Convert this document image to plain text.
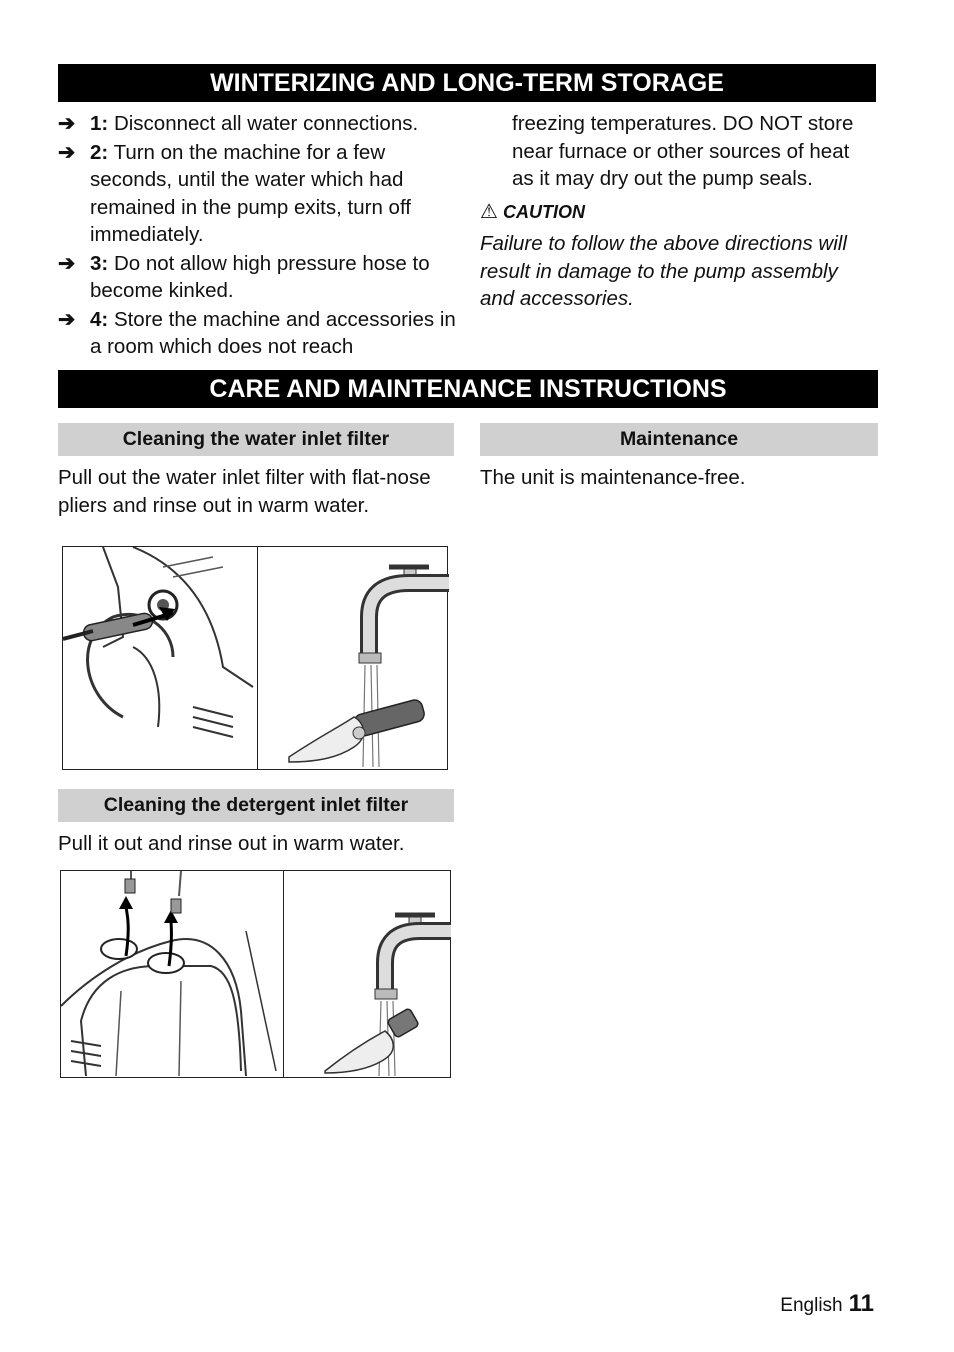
WINTERIZING AND LONG-TERM STORAGE
➔ 1: Disconnect all water connections.
➔ 2: Turn on the machine for a few seconds, until the water which had remained in the pump exits, turn off immediately.
➔ 3: Do not allow high pressure hose to become kinked.
➔ 4: Store the machine and accessories in a room which does not reach
freezing temperatures. DO NOT store near furnace or other sources of heat as it may dry out the pump seals.
⚠ CAUTION
Failure to follow the above directions will result in damage to the pump assembly and accessories.
CARE AND MAINTENANCE INSTRUCTIONS
Cleaning the water inlet filter
Pull out the water inlet filter with flat-nose pliers and rinse out in warm water.
Maintenance
The unit is maintenance-free.
Cleaning the detergent inlet filter
Pull it out and rinse out in warm water.
English 11
